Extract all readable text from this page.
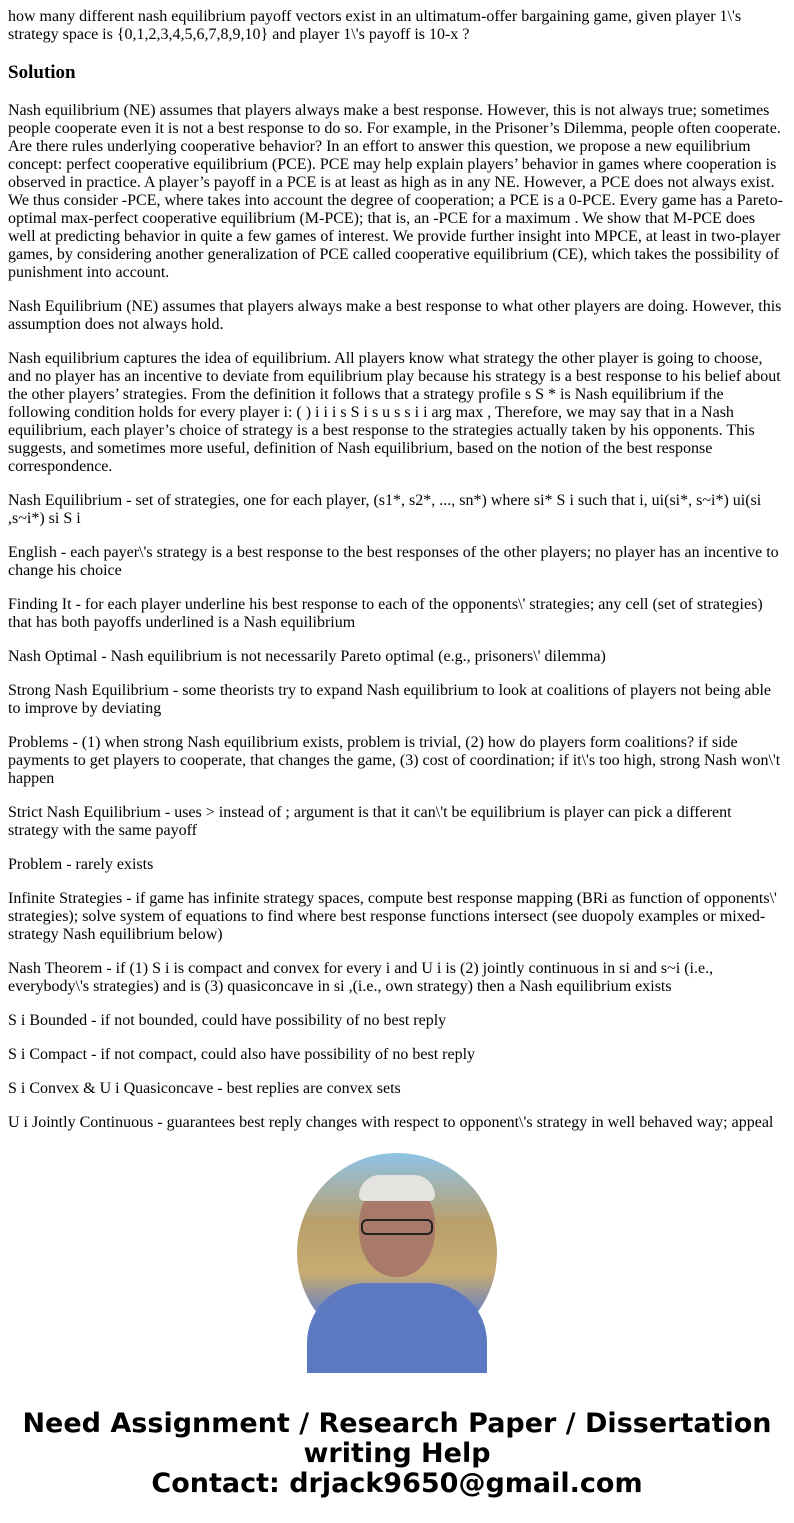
how many different nash equilibrium payoff vectors exist in an ultimatum-offer bargaining game, given player 1\'s strategy space is {0,1,2,3,4,5,6,7,8,9,10} and player 1\'s payoff is 10-x ?

Solution

Nash equilibrium (NE) assumes that players always make a best response. However, this is not always true; sometimes people cooperate even it is not a best response to do so. For example, in the Prisoner’s Dilemma, people often cooperate. Are there rules underlying cooperative behavior? In an effort to answer this question, we propose a new equilibrium concept: perfect cooperative equilibrium (PCE). PCE may help explain players’ behavior in games where cooperation is observed in practice. A player’s payoff in a PCE is at least as high as in any NE. However, a PCE does not always exist. We thus consider -PCE, where takes into account the degree of cooperation; a PCE is a 0-PCE. Every game has a Pareto-optimal max-perfect cooperative equilibrium (M-PCE); that is, an -PCE for a maximum . We show that M-PCE does well at predicting behavior in quite a few games of interest. We provide further insight into MPCE, at least in two-player games, by considering another generalization of PCE called cooperative equilibrium (CE), which takes the possibility of punishment into account.

Nash Equilibrium (NE) assumes that players always make a best response to what other players are doing. However, this assumption does not always hold.

Nash equilibrium captures the idea of equilibrium. All players know what strategy the other player is going to choose, and no player has an incentive to deviate from equilibrium play because his strategy is a best response to his belief about the other players’ strategies. From the definition it follows that a strategy profile s S * is Nash equilibrium if the following condition holds for every player i: ( ) i i i s S i s u s s i i arg max , Therefore, we may say that in a Nash equilibrium, each player’s choice of strategy is a best response to the strategies actually taken by his opponents. This suggests, and sometimes more useful, definition of Nash equilibrium, based on the notion of the best response correspondence.

Nash Equilibrium - set of strategies, one for each player, (s1*, s2*, ..., sn*) where si* S i such that i, ui(si*, s~i*) ui(si ,s~i*) si S i

English - each payer\'s strategy is a best response to the best responses of the other players; no player has an incentive to change his choice

Finding It - for each player underline his best response to each of the opponents\' strategies; any cell (set of strategies) that has both payoffs underlined is a Nash equilibrium

Nash Optimal - Nash equilibrium is not necessarily Pareto optimal (e.g., prisoners\' dilemma)

Strong Nash Equilibrium - some theorists try to expand Nash equilibrium to look at coalitions of players not being able to improve by deviating

Problems - (1) when strong Nash equilibrium exists, problem is trivial, (2) how do players form coalitions? if side payments to get players to cooperate, that changes the game, (3) cost of coordination; if it\'s too high, strong Nash won\'t happen

Strict Nash Equilibrium - uses > instead of ; argument is that it can\'t be equilibrium is player can pick a different strategy with the same payoff

Problem - rarely exists

Infinite Strategies - if game has infinite strategy spaces, compute best response mapping (BRi as function of opponents\' strategies); solve system of equations to find where best response functions intersect (see duopoly examples or mixed-strategy Nash equilibrium below)

Nash Theorem - if (1) S i is compact and convex for every i and U i is (2) jointly continuous in si and s~i (i.e., everybody\'s strategies) and is (3) quasiconcave in si ,(i.e., own strategy) then a Nash equilibrium exists

S i Bounded - if not bounded, could have possibility of no best reply

S i Compact - if not compact, could also have possibility of no best reply

S i Convex & U i Quasiconcave - best replies are convex sets

U i Jointly Continuous - guarantees best reply changes with respect to opponent\'s strategy in well behaved way; appeal

Need Assignment / Research Paper / Dissertation writing Help
Contact: drjack9650@gmail.com
